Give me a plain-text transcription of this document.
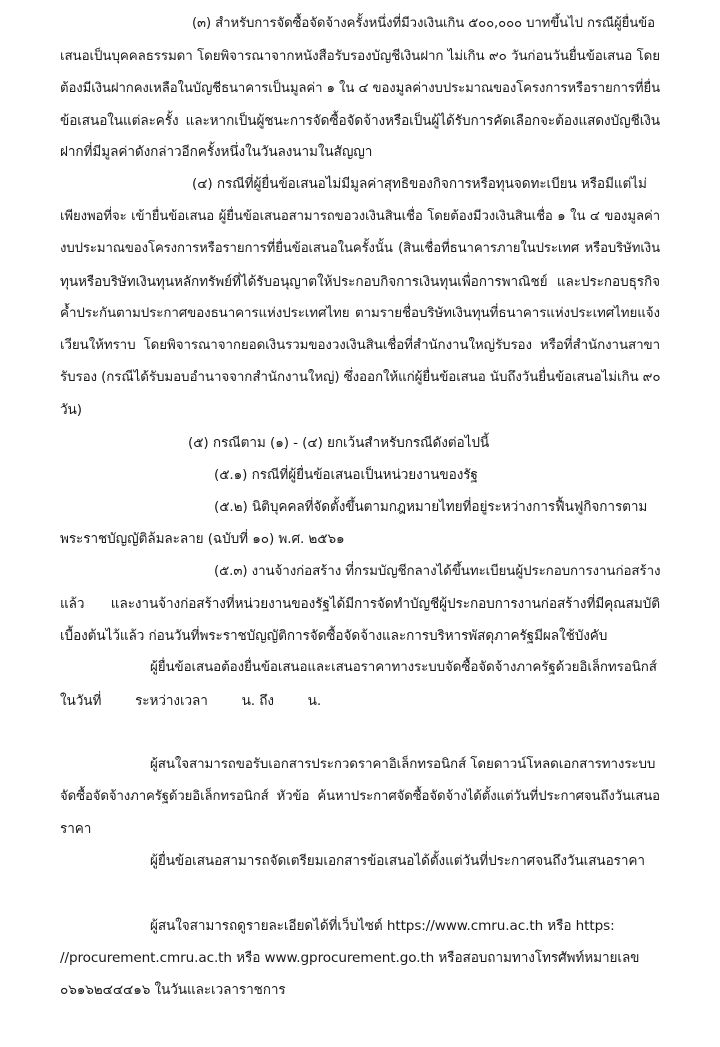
(๓) สำหรับการจัดซื้อจัดจ้างครั้งหนึ่งที่มีวงเงินเกิน ๕๐๐,๐๐๐ บาทขึ้นไป กรณีผู้ยื่นข้อ
เสนอเป็นบุคคลธรรมดา โดยพิจารณาจากหนังสือรับรองบัญชีเงินฝาก ไม่เกิน ๙๐ วันก่อนวันยื่นข้อเสนอ โดย
ต้องมีเงินฝากคงเหลือในบัญชีธนาคารเป็นมูลค่า ๑ ใน ๔ ของมูลค่างบประมาณของโครงการหรือรายการที่ยื่น
ข้อเสนอในแต่ละครั้ง และหากเป็นผู้ชนะการจัดซื้อจัดจ้างหรือเป็นผู้ได้รับการคัดเลือกจะต้องแสดงบัญชีเงิน
ฝากที่มีมูลค่าดังกล่าวอีกครั้งหนึ่งในวันลงนามในสัญญา
(๔) กรณีที่ผู้ยื่นข้อเสนอไม่มีมูลค่าสุทธิของกิจการหรือทุนจดทะเบียน หรือมีแต่ไม่
เพียงพอที่จะ เข้ายื่นข้อเสนอ ผู้ยื่นข้อเสนอสามารถขอวงเงินสินเชื่อ โดยต้องมีวงเงินสินเชื่อ ๑ ใน ๔ ของมูลค่า
งบประมาณของโครงการหรือรายการที่ยื่นข้อเสนอในครั้งนั้น (สินเชื่อที่ธนาคารภายในประเทศ หรือบริษัทเงิน
ทุนหรือบริษัทเงินทุนหลักทรัพย์ที่ได้รับอนุญาตให้ประกอบกิจการเงินทุนเพื่อการพาณิชย์ และประกอบธุรกิจ
ค้ำประกันตามประกาศของธนาคารแห่งประเทศไทย ตามรายชื่อบริษัทเงินทุนที่ธนาคารแห่งประเทศไทยแจ้ง
เวียนให้ทราบ โดยพิจารณาจากยอดเงินรวมของวงเงินสินเชื่อที่สำนักงานใหญ่รับรอง หรือที่สำนักงานสาขา
รับรอง (กรณีได้รับมอบอำนาจจากสำนักงานใหญ่) ซึ่งออกให้แก่ผู้ยื่นข้อเสนอ นับถึงวันยื่นข้อเสนอไม่เกิน ๙๐
วัน)
(๕) กรณีตาม (๑) - (๔) ยกเว้นสำหรับกรณีดังต่อไปนี้
(๕.๑) กรณีที่ผู้ยื่นข้อเสนอเป็นหน่วยงานของรัฐ
(๕.๒) นิติบุคคลที่จัดตั้งขึ้นตามกฎหมายไทยที่อยู่ระหว่างการฟื้นฟูกิจการตาม
พระราชบัญญัติล้มละลาย (ฉบับที่ ๑๐) พ.ศ. ๒๕๖๑
(๕.๓) งานจ้างก่อสร้าง ที่กรมบัญชีกลางได้ขึ้นทะเบียนผู้ประกอบการงานก่อสร้าง
แล้ว และงานจ้างก่อสร้างที่หน่วยงานของรัฐได้มีการจัดทำบัญชีผู้ประกอบการงานก่อสร้างที่มีคุณสมบัติ
เบื้องต้นไว้แล้ว ก่อนวันที่พระราชบัญญัติการจัดซื้อจัดจ้างและการบริหารพัสดุภาครัฐมีผลใช้บังคับ
ผู้ยื่นข้อเสนอต้องยื่นข้อเสนอและเสนอราคาทางระบบจัดซื้อจัดจ้างภาครัฐด้วยอิเล็กทรอนิกส์
ในวันที่        ระหว่างเวลา        น. ถึง        น.
ผู้สนใจสามารถขอรับเอกสารประกวดราคาอิเล็กทรอนิกส์ โดยดาวน์โหลดเอกสารทางระบบ
จัดซื้อจัดจ้างภาครัฐด้วยอิเล็กทรอนิกส์ หัวข้อ ค้นหาประกาศจัดซื้อจัดจ้างได้ตั้งแต่วันที่ประกาศจนถึงวันเสนอ
ราคา
ผู้ยื่นข้อเสนอสามารถจัดเตรียมเอกสารข้อเสนอได้ตั้งแต่วันที่ประกาศจนถึงวันเสนอราคา
ผู้สนใจสามารถดูรายละเอียดได้ที่เว็บไซต์ https://www.cmru.ac.th หรือ https:
//procurement.cmru.ac.th หรือ www.gprocurement.go.th หรือสอบถามทางโทรศัพท์หมายเลข
๐๖๑๖๒๔๔๔๑๖ ในวันและเวลาราชการ
